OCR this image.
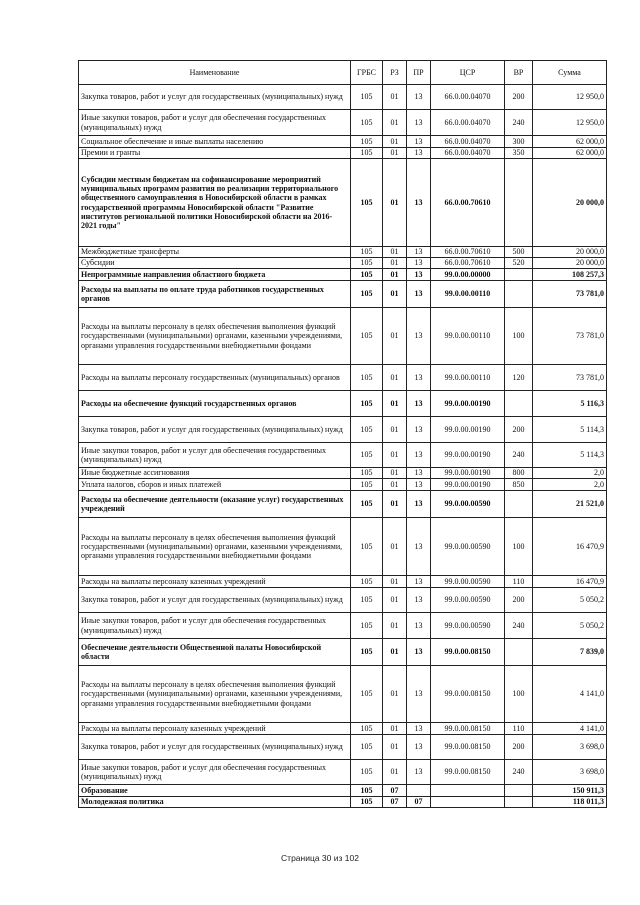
Наименование	ГРБС	РЗ	ПР	ЦСР	ВР	Сумма
Закупка товаров, работ и услуг для государственных (муниципальных) нужд	105	01	13	66.0.00.04070	200	12 950,0
Иные закупки товаров, работ и услуг для обеспечения государственных (муниципальных) нужд	105	01	13	66.0.00.04070	240	12 950,0
Социальное обеспечение и иные выплаты населению	105	01	13	66.0.00.04070	300	62 000,0
Премии и гранты	105	01	13	66.0.00.04070	350	62 000,0
Субсидии местным бюджетам на софинансирование мероприятий муниципальных программ развития по реализации территориального общественного самоуправления в Новосибирской области в рамках государственной программы Новосибирской области "Развитие институтов региональной политики Новосибирской области на 2016-2021 годы"	105	01	13	66.0.00.70610		20 000,0
Межбюджетные трансферты	105	01	13	66.0.00.70610	500	20 000,0
Субсидии	105	01	13	66.0.00.70610	520	20 000,0
Непрограммные направления областного бюджета	105	01	13	99.0.00.00000		108 257,3
Расходы на выплаты по оплате труда работников государственных органов	105	01	13	99.0.00.00110		73 781,0
Расходы на выплаты персоналу в целях обеспечения выполнения функций государственными (муниципальными) органами, казенными учреждениями, органами управления государственными внебюджетными фондами	105	01	13	99.0.00.00110	100	73 781,0
Расходы на выплаты персоналу государственных (муниципальных) органов	105	01	13	99.0.00.00110	120	73 781,0
Расходы на обеспечение функций государственных органов	105	01	13	99.0.00.00190		5 116,3
Закупка товаров, работ и услуг для государственных (муниципальных) нужд	105	01	13	99.0.00.00190	200	5 114,3
Иные закупки товаров, работ и услуг для обеспечения государственных (муниципальных) нужд	105	01	13	99.0.00.00190	240	5 114,3
Иные бюджетные ассигнования	105	01	13	99.0.00.00190	800	2,0
Уплата налогов, сборов и иных платежей	105	01	13	99.0.00.00190	850	2,0
Расходы на обеспечение деятельности (оказание услуг) государственных учреждений	105	01	13	99.0.00.00590		21 521,0
Расходы на выплаты персоналу в целях обеспечения выполнения функций государственными (муниципальными) органами, казенными учреждениями, органами управления государственными внебюджетными фондами	105	01	13	99.0.00.00590	100	16 470,9
Расходы на выплаты персоналу казенных учреждений	105	01	13	99.0.00.00590	110	16 470,9
Закупка товаров, работ и услуг для государственных (муниципальных) нужд	105	01	13	99.0.00.00590	200	5 050,2
Иные закупки товаров, работ и услуг для обеспечения государственных (муниципальных) нужд	105	01	13	99.0.00.00590	240	5 050,2
Обеспечение деятельности Общественной палаты Новосибирской области	105	01	13	99.0.00.08150		7 839,0
Расходы на выплаты персоналу в целях обеспечения выполнения функций государственными (муниципальными) органами, казенными учреждениями, органами управления государственными внебюджетными фондами	105	01	13	99.0.00.08150	100	4 141,0
Расходы на выплаты персоналу казенных учреждений	105	01	13	99.0.00.08150	110	4 141,0
Закупка товаров, работ и услуг для государственных (муниципальных) нужд	105	01	13	99.0.00.08150	200	3 698,0
Иные закупки товаров, работ и услуг для обеспечения государственных (муниципальных) нужд	105	01	13	99.0.00.08150	240	3 698,0
Образование	105	07				150 911,3
Молодежная политика	105	07	07			118 011,3
Страница 30 из 102
